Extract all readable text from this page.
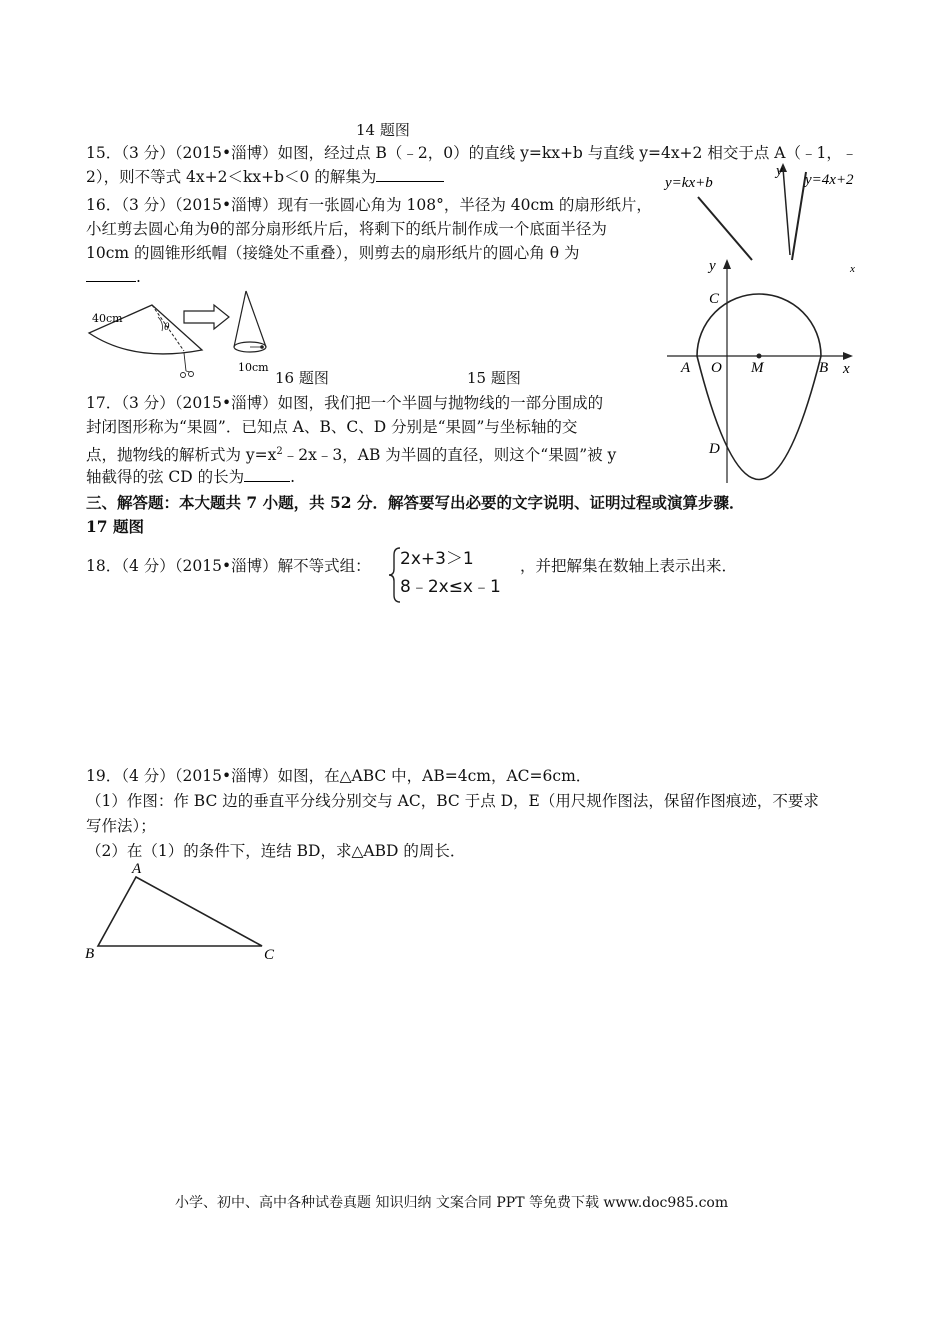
14 题图
15．（3 分）（2015•淄博）如图，经过点 B（﹣2，0）的直线 y=kx+b 与直线 y=4x+2 相交于点 A（﹣1，﹣
2），则不等式 4x+2＜kx+b＜0 的解集为	y=kx+b
y
y=4x+2
x
16．（3 分）（2015•淄博）现有一张圆心角为 108°，半径为 40cm 的扇形纸片，
小红剪去圆心角为θ的部分扇形纸片后，将剩下的纸片制作成一个底面半径为
10cm 的圆锥形纸帽（接缝处不重叠），则剪去的扇形纸片的圆心角 θ 为
.
40cm
θ
10cm
16 题图	15 题图
y
C
A O M	B x
D
17．（3 分）（2015•淄博）如图，我们把一个半圆与抛物线的一部分围成的
封闭图形称为“果圆”．已知点 A、B、C、D 分别是“果圆”与坐标轴的交
点，抛物线的解析式为 $y=x^2﹣2x﹣3$，AB 为半圆的直径，则这个“果圆”被 y
轴截得的弦 CD 的长为	.
三、解答题：本大题共 7 小题，共 52 分．解答要写出必要的文字说明、证明过程或演算步骤．
17 题图
18．（4 分）（2015•淄博）解不等式组： 2x+3＞1
8﹣2x≤x﹣1
，并把解集在数轴上表示出来．
19．（4 分）（2015•淄博）如图，在△ABC 中，AB=4cm，AC=6cm．
（1）作图：作 BC 边的垂直平分线分别交与 AC，BC 于点 D，E（用尺规作图法，保留作图痕迹，不要求
写作法）；
（2）在（1）的条件下，连结 BD，求△ABD 的周长．
A
B	C
小学、初中、高中各种试卷真题 知识归纳 文案合同 PPT 等免费下载 www.doc985.com
